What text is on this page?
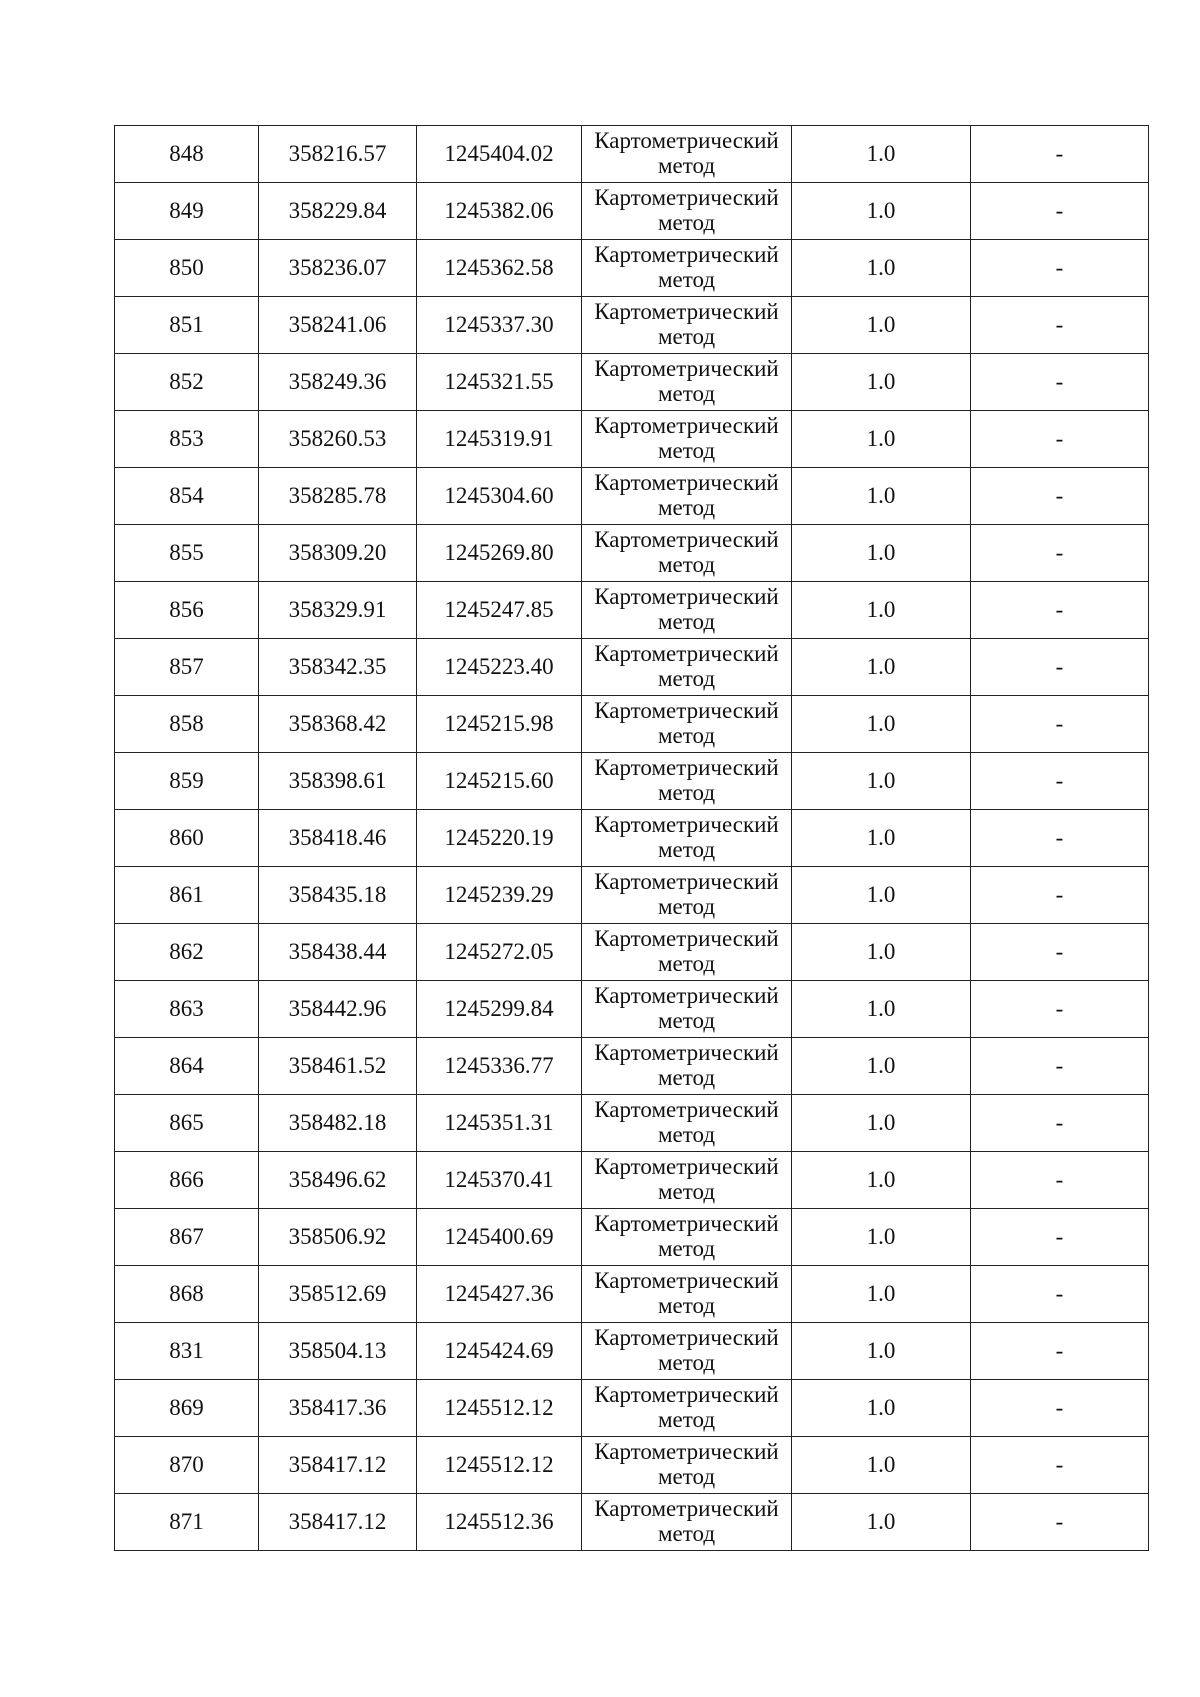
848	358216.57	1245404.02	Картометрический метод	1.0	-
849	358229.84	1245382.06	Картометрический метод	1.0	-
850	358236.07	1245362.58	Картометрический метод	1.0	-
851	358241.06	1245337.30	Картометрический метод	1.0	-
852	358249.36	1245321.55	Картометрический метод	1.0	-
853	358260.53	1245319.91	Картометрический метод	1.0	-
854	358285.78	1245304.60	Картометрический метод	1.0	-
855	358309.20	1245269.80	Картометрический метод	1.0	-
856	358329.91	1245247.85	Картометрический метод	1.0	-
857	358342.35	1245223.40	Картометрический метод	1.0	-
858	358368.42	1245215.98	Картометрический метод	1.0	-
859	358398.61	1245215.60	Картометрический метод	1.0	-
860	358418.46	1245220.19	Картометрический метод	1.0	-
861	358435.18	1245239.29	Картометрический метод	1.0	-
862	358438.44	1245272.05	Картометрический метод	1.0	-
863	358442.96	1245299.84	Картометрический метод	1.0	-
864	358461.52	1245336.77	Картометрический метод	1.0	-
865	358482.18	1245351.31	Картометрический метод	1.0	-
866	358496.62	1245370.41	Картометрический метод	1.0	-
867	358506.92	1245400.69	Картометрический метод	1.0	-
868	358512.69	1245427.36	Картометрический метод	1.0	-
831	358504.13	1245424.69	Картометрический метод	1.0	-
869	358417.36	1245512.12	Картометрический метод	1.0	-
870	358417.12	1245512.12	Картометрический метод	1.0	-
871	358417.12	1245512.36	Картометрический метод	1.0	-
